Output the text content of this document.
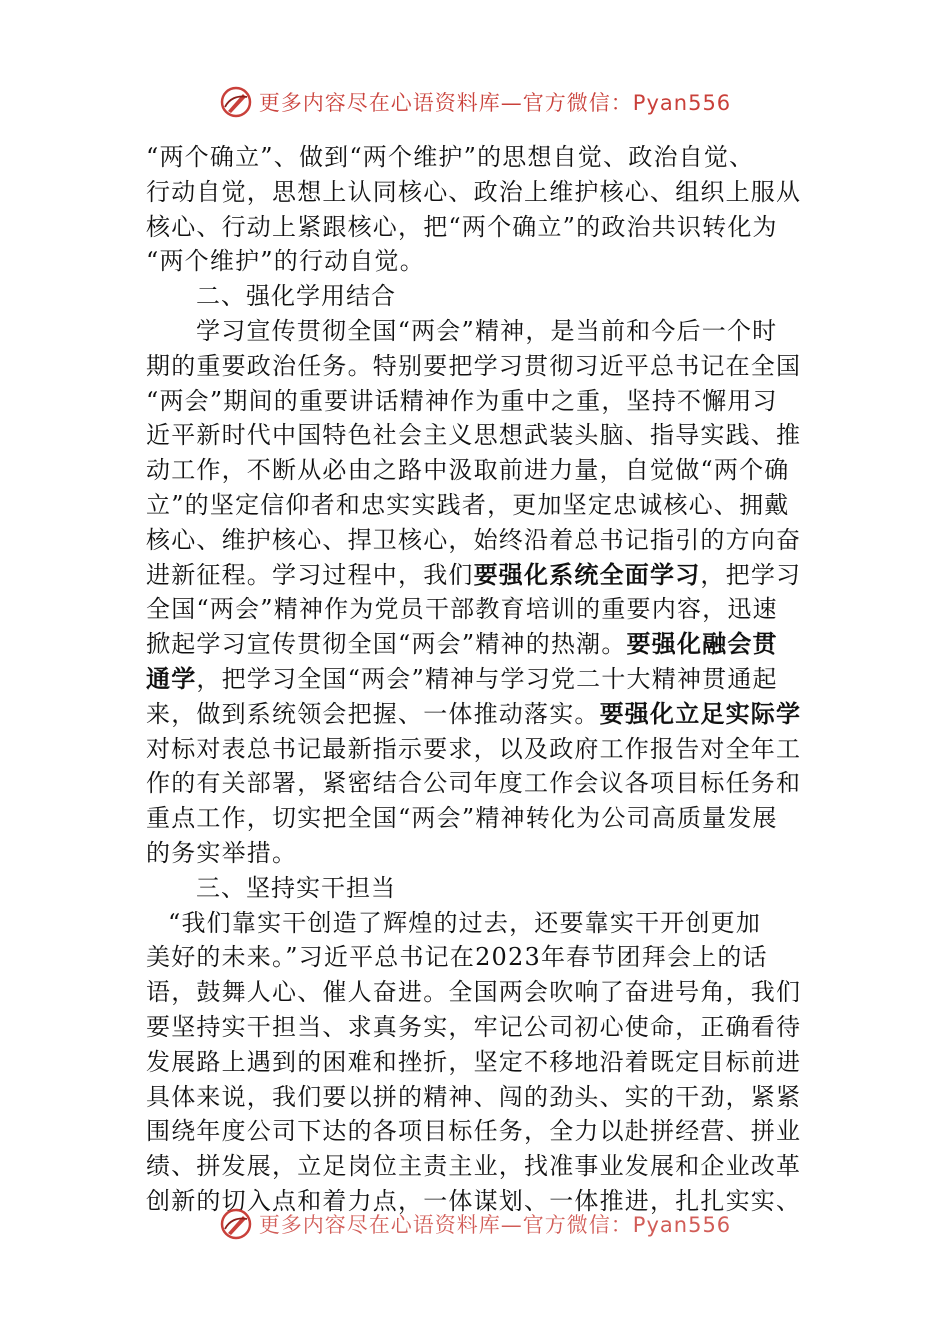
更多内容尽在心语资料库—官方微信：Pyan556
“两个确立”、做到“两个维护”的思想自觉、政治自觉、
行动自觉，思想上认同核心、政治上维护核心、组织上服从
核心、行动上紧跟核心，把“两个确立”的政治共识转化为
“两个维护”的行动自觉。
二、强化学用结合
学习宣传贯彻全国“两会”精神，是当前和今后一个时
期的重要政治任务。特别要把学习贯彻习近平总书记在全国
“两会”期间的重要讲话精神作为重中之重，坚持不懈用习
近平新时代中国特色社会主义思想武装头脑、指导实践、推
动工作，不断从必由之路中汲取前进力量，自觉做“两个确
立”的坚定信仰者和忠实实践者，更加坚定忠诚核心、拥戴
核心、维护核心、捍卫核心，始终沿着总书记指引的方向奋
进新征程。学习过程中，我们要强化系统全面学习，把学习
全国“两会”精神作为党员干部教育培训的重要内容，迅速
掀起学习宣传贯彻全国“两会”精神的热潮。要强化融会贯
通学，把学习全国“两会”精神与学习党二十大精神贯通起
来，做到系统领会把握、一体推动落实。要强化立足实际学
对标对表总书记最新指示要求，以及政府工作报告对全年工
作的有关部署，紧密结合公司年度工作会议各项目标任务和
重点工作，切实把全国“两会”精神转化为公司高质量发展
的务实举措。
三、坚持实干担当
“我们靠实干创造了辉煌的过去，还要靠实干开创更加
美好的未来。”习近平总书记在2023年春节团拜会上的话
语，鼓舞人心、催人奋进。全国两会吹响了奋进号角，我们
要坚持实干担当、求真务实，牢记公司初心使命，正确看待
发展路上遇到的困难和挫折，坚定不移地沿着既定目标前进
具体来说，我们要以拼的精神、闯的劲头、实的干劲，紧紧
围绕年度公司下达的各项目标任务，全力以赴拼经营、拼业
绩、拼发展，立足岗位主责主业，找准事业发展和企业改革
创新的切入点和着力点，一体谋划、一体推进，扎扎实实、
更多内容尽在心语资料库—官方微信：Pyan556
